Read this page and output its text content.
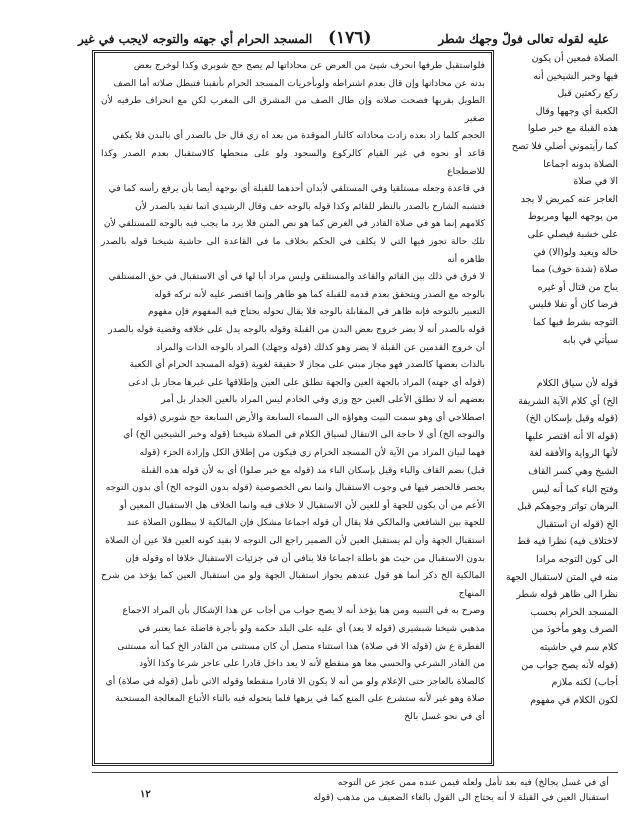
عليه لقوله تعالى فولّ وجهك شطر
(١٧٦)
المسجد الحرام أي جهته والتوجه لايجب في غير

فلواستقبل طرفها انحرف شيئ من العرض عن محاذاتها لم يصح حج شوبري وكذا لوخرج بعض

بدنه عن محاذاتها وإن قال بعدم اشتراطه ولوبأخريات المسجد الحرام بأنقبنا فتبطل صلاته أما الصف

الطويل بقربها فصحت صلاته وإن طال الصف من المشرق الى المغرب لكن مع انحراف طرفيه لأن صغير

الحجم كلما زاد بعده زادت محاذاته كالنار الموقدة من بعد اه زي قال حل بالصدر أي بالبدن فلا يكفي

قاعد أو نحوه في غير القيام كالركوع والسجود ولو على منحطها كالاستقبال بعدم الصدر وكذا للاضطجاع

في قاعدة وجعله مستلقيا وفي المستلقي لأبدان أحدهما للقبلة أي بوجهه أيضا بأن يرفع رأسه كما في

فتشبه الشارح بالصدر بالنظر للقائم وكذا قوله بالوجه حف وقال الرشيدي اتما تقيد بالصدر لأن

كلامهم إنما هو في صلاة القادر في الغرض كما هو نص المتن فلا يرد ما يجب فيه بالوجه للمستلقي لأن

تلك حالة تجوز فيها التي لا يكلف في الحكم بخلاف ما في القاعدة الى حاشية شيخنا قوله بالصدر ظاهره أنه

لا فرق في ذلك بين القائم والقاعد والمستلقي وليس مراد أبا لها في أي الاستقبال في حق المستلقي

بالوجه مع الصدر ويتحقق بعدم قدمه للقبلة كما هو ظاهر وإنما اقتصر عليه لأنه تركه قوله

التعبير بالتوجه فإنه ظاهر في المقابلة بالوجه فلا يقال تحوله يحتاج فيه المفهوم فإن مفهوم

قوله بالصدر أنه لا يضر خروج بعض البدن من القبلة وقوله بالوجه يدل على خلافه وقضية قوله بالصدر

أن خروج القدمين عن القبلة لا يضر وهو كذلك (قوله وجهك) المراد بالوجه الذات والمراد

بالذات بعضها كالصدر فهو مجاز مبني على مجاز لا حقيقة لغوية (قوله المسجد الحرام أي الكعبة

(قوله أي جهته) المراد بالجهة العين والجهة تطلق على العين وإطلاقها على غيرها مجاز بل ادعى

بعضهم أنه لا تطلق الأعلى العين حج وزي وفي الخادم ليس المراد بالعين الجدار بل أمر

اصطلاحي أي وهو سمت البيت وهواؤه الى السماء السابعة والأرض السابعة حج شوبري (قوله

والتوجه الخ) أي لا حاجة الى الانتقال لسياق الكلام في الصلاة شيخنا (قوله وخبر الشيخين الخ) أي

فهما لبيان المراد من الآية لأن المسجد الحرام زي فيكون من إطلاق الكل وإرادة الجزء (قوله

قبل) بضم القاف والباء وقيل بإسكان الباء مد (قوله مع خبر صلوا) أي به لأن قوله هذه القبلة

يحصر فالحصر فيها في وجوب الاستقبال وانما نص الخصوصية (قوله بدون التوجه الخ) أي بدون التوجه

الأعم من أن يكون للجهة أو للعين لأن الاستقبال لا خلاف فيه وانما الخلاف هل الاستقبال المعين أو

للجهة بين الشافعي والمالكي فلا يقال أن قوله اجماعا مشكل فإن المالكية لا يبطلون الصلاة عند

استقبال الجهة وأن لم يستقبل العين لأن الضمير راجع الى التوجه لا بقيد كونه العين فلا عين أن الصلاة

بدون الاستقبال من حيث هو باطلة اجماعا فلا ينافي أن في جزئيات الاستقبال خلافا اه وقوله فإن

المالكية الخ ذكر أنما هو قول عندهم يجواز استقبال الجهة ولو من استقبال العين كما يؤخذ من شرح المنهاج

وصرح به في التنبيه ومن هنا يؤخذ أنه لا يصح جواب من أجاب عن هذا الإشكال بأن المراد الاجماع

مذهبي شيخنا شبشيري (قوله لا يعد) أي عليه على البلد حكمه ولو بأجرة فاضلة عما يعتبر في

الفطرة ع ش (قوله الا في صلاة) هذا استثناء متصل أن كان مستثنى من القادر الخ كما أنه مستثنى

من القادر الشرعي والحسي معا هو منقطع لأنه لا يعد داخل قادرا على عاجز شرعا وكذا الأود

كالصلاة بالعاجز حتى الإعلام ولو من أنه لا يكون الا قادرا منقطعا وقوله الاتي تأمل (قوله في صلاة) أي

صلاة وهو غير لأنه ستشرع على المنع كما في يزهها فلما يتحوله فيه بالتاء الأتباع المعالجة المستحبة

أي في نحو غسل بالخ

الصلاة فمعين أن يكون

فيها وخبر الشيخين أنه

ركع ركعتين قبل

الكعبة أي وجهها وقال

هذه القبلة مع خبر صلوا

كما رأيتموني أصلي فلا تصح

الصلاة بدونه اجماعا

الا في صلاة

العاجز عنه كمريض لا يجد

من يوجهه اليها ومربوط

على خشبة فيصلي على

حاله ويعيد ولو(الا) في

صلاة (شدة خوف) مما

يباح من قتال أو غيره

فرضا كان أو نفلا فليس

التوجه بشرط فيها كما

سيأتي في بابه

قوله لأن سياق الكلام

الخ) أي كلام الآية الشريفة

(قوله وقيل بإسكان الخ)

(قوله الا أنه اقتصر عليها

لأنها الرواية والأفقه لغة

الشيخ وهي كسر القاف

وفتح الباء كما أنه ليس

البرهان تواتر وجوهكم قبل

الخ (قوله ان استقبال

لاختلاف فيه) نظرا فيه قط

الى كون التوجه مرادا

منه في المتن لاستقبال الجهة

نظرا الى ظاهر قوله شطر

المسجد الحرام بحسب

الصرف وهو مأخوذ من

كلام سم في حاشيته

(قوله لأنه يصح جواب من

أجاب) لكنه ملازم

لكون الكلام في مفهوم

أي في غسل يجالخ) فيه بعد تأمل ولعله فيمن عنده ممن عجز عن التوجه

استقبال العين في القبلة لا أنه يحتاج الى القول بالغاء الضعيف من مذهب (قوله

۱۲
